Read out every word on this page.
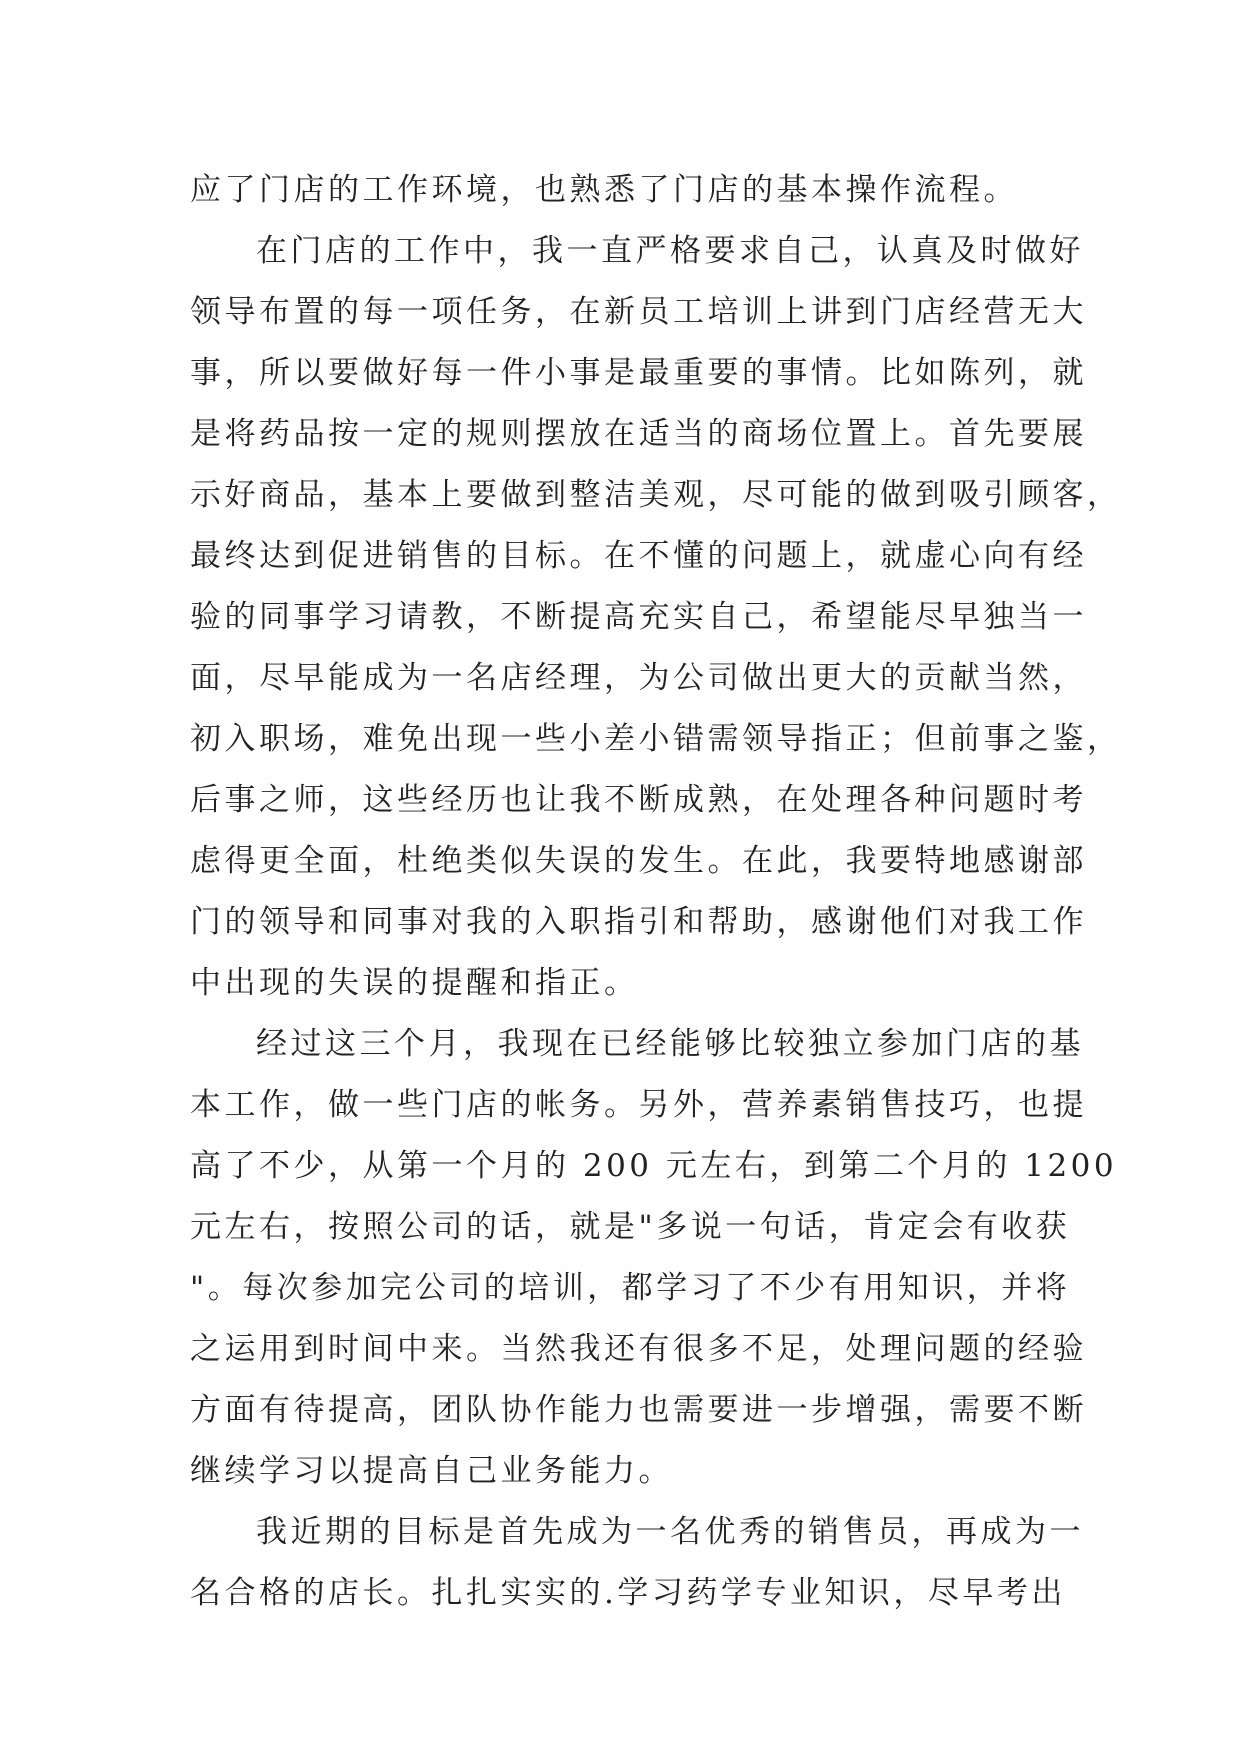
应了门店的工作环境，也熟悉了门店的基本操作流程。
在门店的工作中，我一直严格要求自己，认真及时做好
领导布置的每一项任务，在新员工培训上讲到门店经营无大
事，所以要做好每一件小事是最重要的事情。比如陈列，就
是将药品按一定的规则摆放在适当的商场位置上。首先要展
示好商品，基本上要做到整洁美观，尽可能的做到吸引顾客，
最终达到促进销售的目标。在不懂的问题上，就虚心向有经
验的同事学习请教，不断提高充实自己，希望能尽早独当一
面，尽早能成为一名店经理，为公司做出更大的贡献当然，
初入职场，难免出现一些小差小错需领导指正；但前事之鉴，
后事之师，这些经历也让我不断成熟，在处理各种问题时考
虑得更全面，杜绝类似失误的发生。在此，我要特地感谢部
门的领导和同事对我的入职指引和帮助，感谢他们对我工作
中出现的失误的提醒和指正。
经过这三个月，我现在已经能够比较独立参加门店的基
本工作，做一些门店的帐务。另外，营养素销售技巧，也提
高了不少，从第一个月的 200 元左右，到第二个月的 1200
元左右，按照公司的话，就是"多说一句话，肯定会有收获
"。每次参加完公司的培训，都学习了不少有用知识，并将
之运用到时间中来。当然我还有很多不足，处理问题的经验
方面有待提高，团队协作能力也需要进一步增强，需要不断
继续学习以提高自己业务能力。
我近期的目标是首先成为一名优秀的销售员，再成为一
名合格的店长。扎扎实实的.学习药学专业知识，尽早考出
